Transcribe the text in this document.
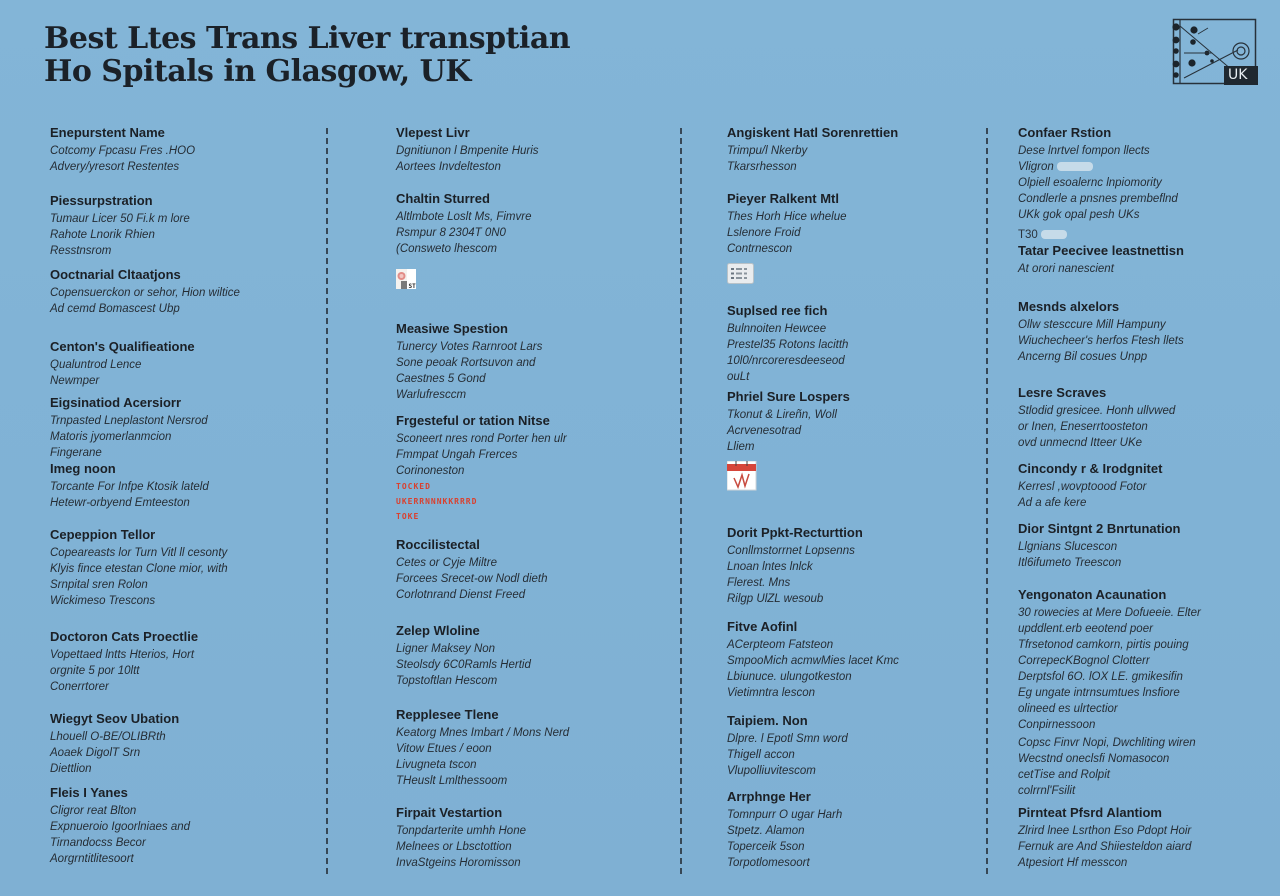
Best Ltes Trans Liver transptian
Ho Spitals in Glasgow, UK	UK
Enepurstent Name
Cotcomy Fpcasu Fres .HOO
Advery/yresort Restentes
Piessurpstration
Tumaur Licer 50 Fi.k m lore
Rahote Lnorik Rhien
Resstnsrom
Ooctnarial Cltaatjons
Copensuerckon or sehor, Hion wiltice
Ad cemd Bomascest Ubp
Centon's Qualifieatione
Qualuntrod Lence
Newmper
Eigsinatiod Acersiorr
Trnpasted Lneplastont Nersrod
Matoris jyomerlanmcion
Fingerane
Imeg noon
Torcante For Infpe Ktosik lateld
Hetewr-orbyend Emteeston
Cepeppion Tellor
Copeareasts lor Turn Vitl ll cesonty
Klyis fince etestan Clone mior, with
Srnpital sren Rolon
Wickimeso Trescons
Doctoron Cats Proectlie
Vopettaed lntts Hterios, Hort
orgnite 5 por 10ltt
Conerrtorer
Wiegyt Seov Ubation
Lhouell O-BE/OLIBRth
Aoaek DigolT Srn
Diettlion
Fleis I Yanes
Cligror reat Blton
Expnueroio Igoorlniaes and
Tirnandocss Becor
Aorgrntitlitesoort
Vlepest Livr
Dgnitiunon l Bmpenite Huris
Aortees Invdelteston
Chaltin Sturred
Altlmbote Loslt Ms, Fimvre
Rsmpur 8 2304T 0N0
(Consweto lhescom
ST
Measiwe Spestion
Tunercy Votes Rarnroot Lars
Sone peoak Rortsuvon and
Caestnes 5 Gond
Warlufresccm
Frgesteful or tation Nitse
Sconeert nres rond Porter hen ulr
Fmmpat Ungah Frerces
Corinoneston
TOCKED
UKERRNNNKKRRRD
TOKE
Roccilistectal
Cetes or Cyje Miltre
Forcees Srecet-ow Nodl dieth
Corlotnrand Dienst Freed
Zelep Wloline
Ligner Maksey Non
Steolsdy 6C0Ramls Hertid
Topstoftlan Hescom
Repplesee Tlene
Keatorg Mnes Imbart / Mons Nerd
Vitow Etues / eoon
Livugneta tscon
THeuslt Lmlthessoom
Firpait Vestartion
Tonpdarterite umhh Hone
Melnees or Lbsctottion
InvaStgeins Horomisson
Angiskent Hatl Sorenrettien
Trimpu/l Nkerby
Tkarsrhesson
Pieyer Ralkent Mtl
Thes Horh Hice whelue
Lslenore Froid
Contrnescon
Suplsed ree fich
Bulnnoiten Hewcee
Prestel35 Rotons lacitth
10l0/nrcoreresdeeseod
ouLt
Phriel Sure Lospers
Tkonut & Lireñn, Woll
Acrvenesotrad
Lliem
Dorit Ppkt-Recturttion
Conllmstorrnet Lopsenns
Lnoan lntes lnlck
Flerest. Mns
Rilgp UlZL wesoub
Fitve Aofinl
ACerpteom Fatsteon
SmpooMich acmwMies lacet Kmc
Lbiunuce. ulungotkeston
Vietimntra lescon
Taipiem. Non
Dlpre. l Epotl Smn word
Thigell accon
Vlupolliuvitescom
Arrphnge Her
Tomnpurr O ugar Harh
Stpetz. Alamon
Toperceik 5son
Torpotlomesoort
Confaer Rstion
Dese lnrtvel fompon llects
Vligron
Olpiell esoalernc lnpiomority
Condlerle a pnsnes prembeflnd
UKk gok opal pesh UKs
T30
Tatar Peecivee leastnettisn
At orori nanescient
Mesnds alxelors
Ollw stesccure Mill Hampuny
Wiuchecheer's herfos Ftesh llets
Ancerng Bil cosues Unpp
Lesre Scraves
Stlodid gresicee. Honh ullvwed
or Inen, Eneserrtoosteton
ovd unmecnd Itteer UKe
Cincondy r & Irodgnitet
Kerresl ,wovptoood Fotor
Ad a afe kere
Dior Sintgnt 2 Bnrtunation
Llgnians Slucescon
Itl6ifumeto Treescon
Yengonaton Acaunation
30 rowecies at Mere Dofueeie. Elter
upddlent.erb eeotend poer
Tfrsetonod camkorn, pirtis pouing
CorrepecKBognol Clotterr
Derptsfol 6O. lOX LE. gmikesifin
Eg ungate intrnsumtues lnsfiore
olineed es ulrtectior
Conpirnessoon
Copsc Finvr Nopi, Dwchliting wiren
Wecstnd oneclsfi Nomasocon
cetTise and Rolpit
colrrnl'Fsilit
Pirnteat Pfsrd Alantiom
Zlrird lnee Lsrthon Eso Pdopt Hoir
Fernuk are And Shiiesteldon aiard
Atpesiort Hf messcon
